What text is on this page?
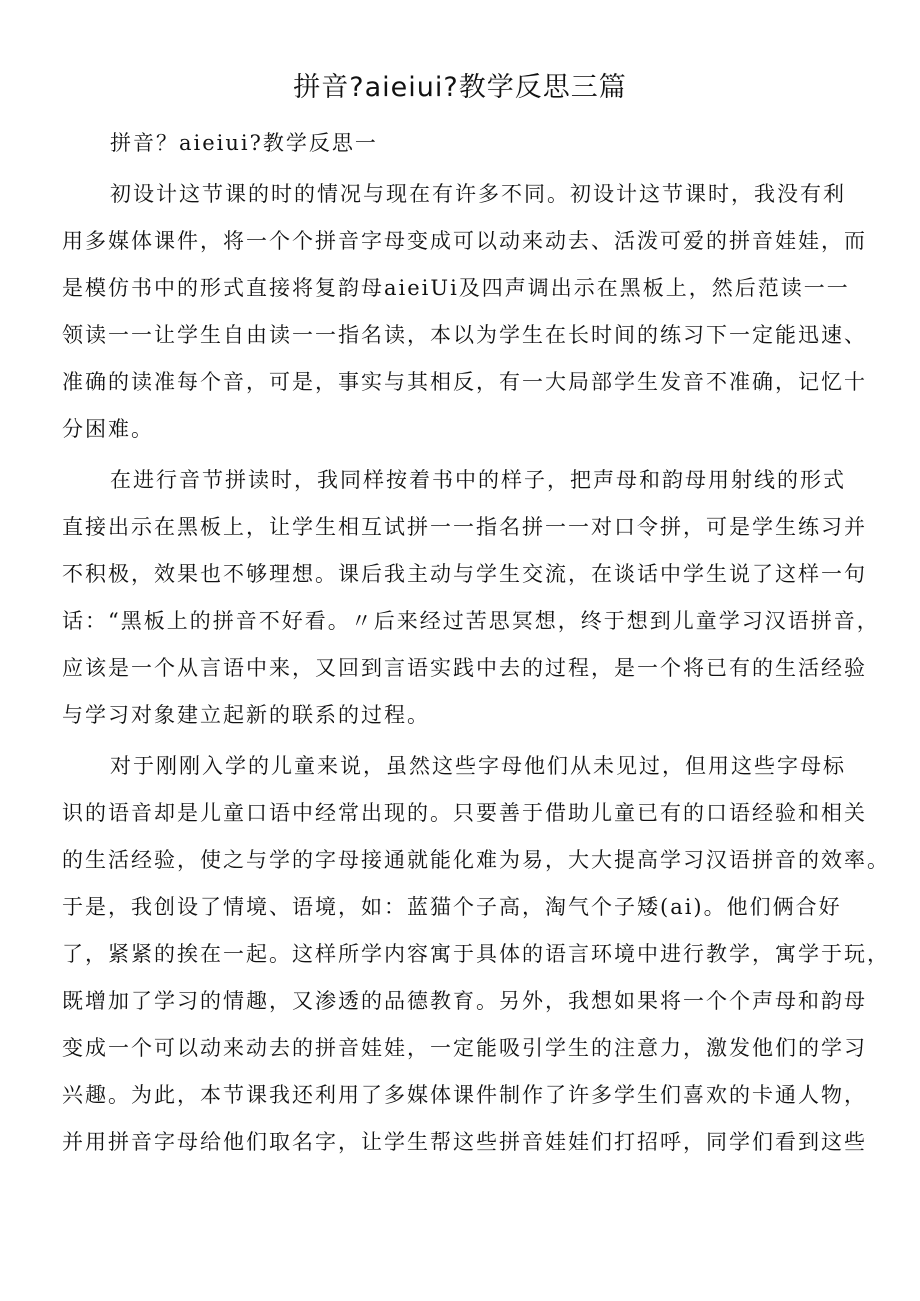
拼音?aieiui?教学反思三篇
拼音？aieiui?教学反思一
初设计这节课的时的情况与现在有许多不同。初设计这节课时，我没有利
用多媒体课件，将一个个拼音字母变成可以动来动去、活泼可爱的拼音娃娃，而
是模仿书中的形式直接将复韵母aieiUi及四声调出示在黑板上，然后范读一一
领读一一让学生自由读一一指名读，本以为学生在长时间的练习下一定能迅速、
准确的读准每个音，可是，事实与其相反，有一大局部学生发音不准确，记忆十
分困难。
在进行音节拼读时，我同样按着书中的样子，把声母和韵母用射线的形式
直接出示在黑板上，让学生相互试拼一一指名拼一一对口令拼，可是学生练习并
不积极，效果也不够理想。课后我主动与学生交流，在谈话中学生说了这样一句
话：“黑板上的拼音不好看。〃后来经过苦思冥想，终于想到儿童学习汉语拼音，
应该是一个从言语中来，又回到言语实践中去的过程，是一个将已有的生活经验
与学习对象建立起新的联系的过程。
对于刚刚入学的儿童来说，虽然这些字母他们从未见过，但用这些字母标
识的语音却是儿童口语中经常出现的。只要善于借助儿童已有的口语经验和相关
的生活经验，使之与学的字母接通就能化难为易，大大提高学习汉语拼音的效率。
于是，我创设了情境、语境，如：蓝猫个子高，淘气个子矮(ai)。他们俩合好
了，紧紧的挨在一起。这样所学内容寓于具体的语言环境中进行教学，寓学于玩，
既增加了学习的情趣，又渗透的品德教育。另外，我想如果将一个个声母和韵母
变成一个可以动来动去的拼音娃娃，一定能吸引学生的注意力，激发他们的学习
兴趣。为此，本节课我还利用了多媒体课件制作了许多学生们喜欢的卡通人物，
并用拼音字母给他们取名字，让学生帮这些拼音娃娃们打招呼，同学们看到这些
